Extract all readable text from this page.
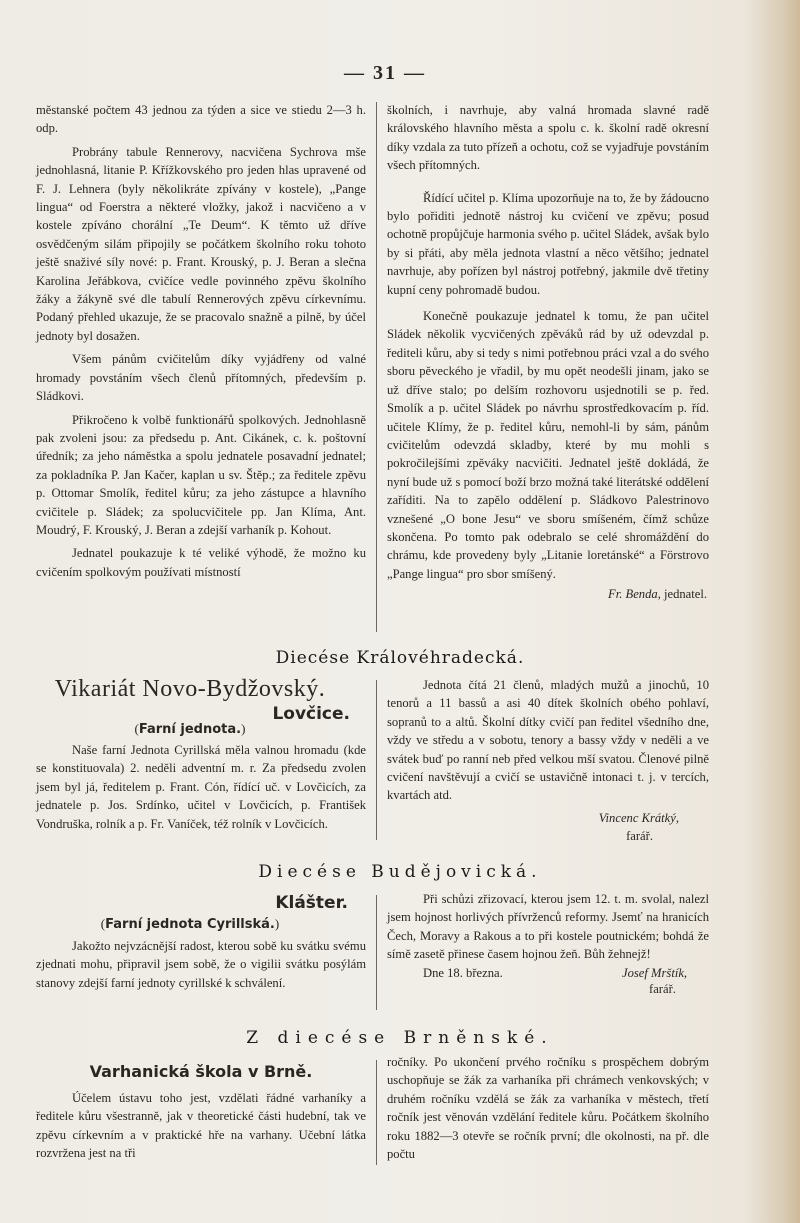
— 31 —

městanské počtem 43 jednou za týden a sice ve stiedu 2—3 h. odp.

Probrány tabule Rennerovy, nacvičena Sychrova mše jednohlasná, litanie P. Křížkovského pro jeden hlas upravené od F. J. Lehnera (byly několikráte zpívány v kostele), „Pange lingua“ od Foerstra a některé vložky, jakož i nacvičeno a v kostele zpíváno chorální „Te Deum“. K těmto už dříve osvědčeným silám připojily se počátkem školního roku tohoto ještě snaživé síly nové: p. Frant. Krouský, p. J. Beran a slečna Karolina Jeřábkova, cvičíce vedle povinného zpěvu školního žáky a žákyně své dle tabulí Rennerových zpěvu církevnímu. Podaný přehled ukazuje, že se pracovalo snažně a pilně, by účel jednoty byl dosažen.

Všem pánům cvičitelům díky vyjádřeny od valné hromady povstáním všech členů přítomných, především p. Sládkovi.

Přikročeno k volbě funktionářů spolkových. Jednohlasně pak zvoleni jsou: za předsedu p. Ant. Cikánek, c. k. poštovní úředník; za jeho náměstka a spolu jednatele posavadní jednatel; za pokladníka P. Jan Kačer, kaplan u sv. Štěp.; za ředitele zpěvu p. Ottomar Smolík, ředitel kůru; za jeho zástupce a hlavního cvičitele p. Sládek; za spolucvičitele pp. Jan Klíma, Ant. Moudrý, F. Krouský, J. Beran a zdejší varhaník p. Kohout.

Jednatel poukazuje k té veliké výhodě, že možno ku cvičením spolkovým používati místností

školních, i navrhuje, aby valná hromada slavné radě královského hlavního města a spolu c. k. školní radě okresní díky vzdala za tuto přízeň a ochotu, což se vyjadřuje povstáním všech přítomných.

Řídící učitel p. Klíma upozorňuje na to, že by žádoucno bylo pořiditi jednotě nástroj ku cvičení ve zpěvu; posud ochotně propůjčuje harmonia svého p. učitel Sládek, avšak bylo by si přáti, aby měla jednota vlastní a něco většího; jednatel navrhuje, aby pořízen byl nástroj potřebný, jakmile dvě třetiny kupní ceny pohromadě budou.

Konečně poukazuje jednatel k tomu, že pan učitel Sládek několik vycvičených zpěváků rád by už odevzdal p. řediteli kůru, aby si tedy s nimi potřebnou práci vzal a do svého sboru pěveckého je vřadil, by mu opět neodešli jinam, jako se už dříve stalo; po delším rozhovoru usjednotili se p. řed. Smolík a p. učitel Sládek po návrhu sprostředkovacím p. říd. učitele Klímy, že p. ředitel kůru, nemohl-li by sám, pánům cvičitelům odevzdá skladby, které by mu mohli s pokročilejšími zpěváky nacvičiti. Jednatel ještě dokládá, že nyní bude už s pomocí boží brzo možná také literátské oddělení zaříditi. Na to zapělo oddělení p. Sládkovo Palestrinovo vznešené „O bone Jesu“ ve sboru smíšeném, čímž schůze skončena. Po tomto pak odebralo se celé shromáždění do chrámu, kde provedeny byly „Litanie loretánské“ a Förstrovo „Pange lingua“ pro sbor smíšený.

Fr. Benda, jednatel.
Diecése Královéhradecká.
Vikariát Novo-Bydžovský.
Lovčice.
(Farní jednota.)

Naše farní Jednota Cyrillská měla valnou hromadu (kde se konstituovala) 2. neděli adventní m. r. Za předsedu zvolen jsem byl já, ředitelem p. Frant. Cón, řídící uč. v Lovčicích, za jednatele p. Jos. Srdínko, učitel v Lovčicích, p. František Vondruška, rolník a p. Fr. Vaníček, též rolník v Lovčicích.

Jednota čítá 21 členů, mladých mužů a jinochů, 10 tenorů a 11 bassů a asi 40 dítek školních obého pohlaví, sopranů to a altů. Školní dítky cvičí pan ředitel všedního dne, vždy ve středu a v sobotu, tenory a bassy vždy v neděli a ve svátek buď po ranní neb před velkou mší svatou. Členové pilně cvičení navštěvují a cvičí se ustavičně intonaci t. j. v tercích, kvartách atd.

Vincenc Krátký,
farář.
Diecése Budějovická.
Klášter.
(Farní jednota Cyrillská.)

Jakožto nejvzácnější radost, kterou sobě ku svátku svému zjednati mohu, připravil jsem sobě, že o vigilii svátku posýlám stanovy zdejší farní jednoty cyrillské k schválení.

Při schůzi zřizovací, kterou jsem 12. t. m. svolal, nalezl jsem hojnost horlivých přívrženců reformy. Jsemť na hranicích Čech, Moravy a Rakous a to při kostele poutnickém; bohdá že símě zasetě přinese časem hojnou žeň. Bůh žehnejž!

Dne 18. března.	Josef Mrštík,
farář.
Z diecése Brněnské.
Varhanická škola v Brně.

Účelem ústavu toho jest, vzdělati řádné varhaníky a ředitele kůru všestranně, jak v theoretické části hudební, tak ve zpěvu církevním a v praktické hře na varhany. Učební látka rozvržena jest na tři

ročníky. Po ukončení prvého ročníku s prospěchem dobrým uschopňuje se žák za varhaníka při chrámech venkovských; v druhém ročníku vzdělá se žák za varhaníka v městech, třetí ročník jest věnován vzdělání ředitele kůru. Počátkem školního roku 1882—3 otevře se ročník první; dle okolnosti, na př. dle počtu
